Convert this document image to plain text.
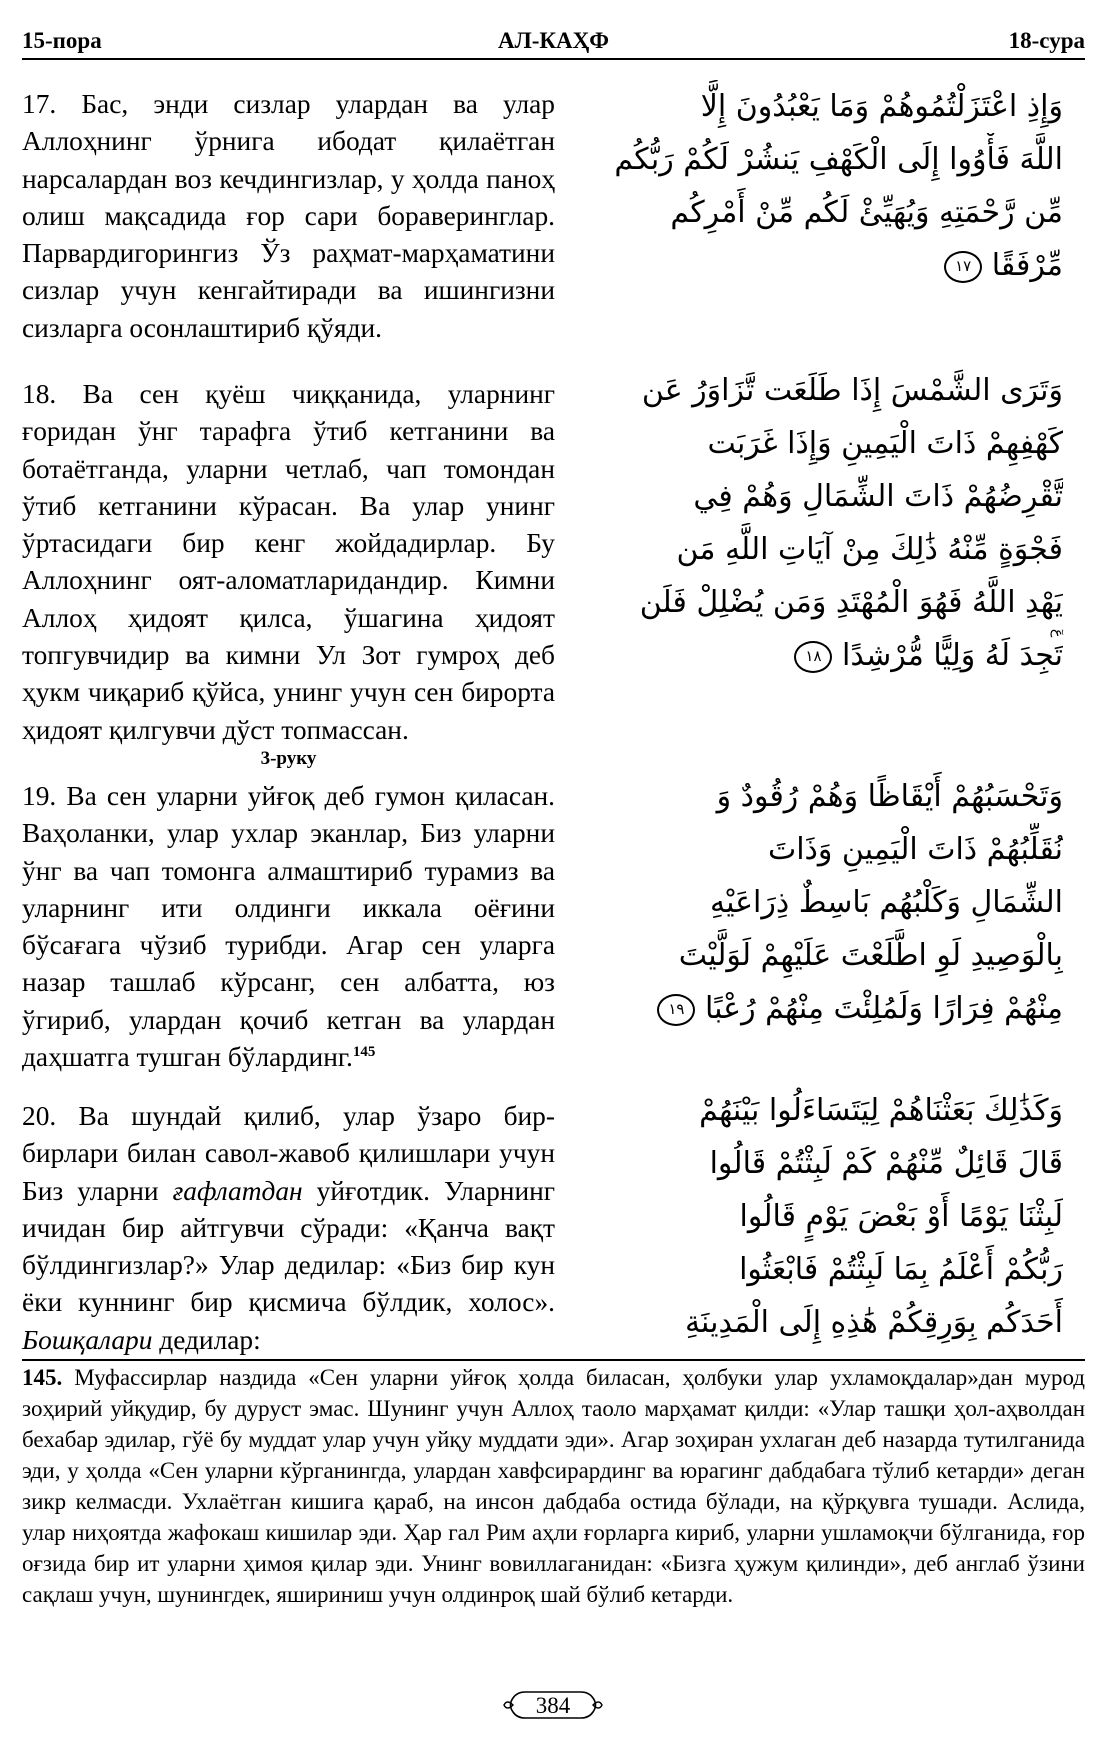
15-пора	АЛ-КАҲФ	18-сура

17. Бас, энди сизлар улардан ва улар Аллоҳнинг ўрнига ибодат қилаётган нарсалардан воз кечдингизлар, у ҳолда паноҳ олиш мақсадида ғор сари бораверинглар. Парвардигорингиз Ўз раҳмат-марҳаматини сизлар учун кенгайтиради ва ишингизни сизларга осонлаштириб қўяди.

وَإِذِ اعْتَزَلْتُمُوهُمْ وَمَا يَعْبُدُونَ إِلَّا

اللَّهَ فَأْوُوا إِلَى الْكَهْفِ يَنشُرْ لَكُمْ رَبُّكُم

مِّن رَّحْمَتِهِ وَيُهَيِّئْ لَكُم مِّنْ أَمْرِكُم

مِّرْفَقًا ١٧

18. Ва сен қуёш чиққанида, уларнинг ғоридан ўнг тарафга ўтиб кетганини ва ботаётганда, уларни четлаб, чап томондан ўтиб кетганини кўрасан. Ва улар унинг ўртасидаги бир кенг жойдадирлар. Бу Аллоҳнинг оят-аломатларидандир. Кимни Аллоҳ ҳидоят қилса, ўшагина ҳидоят топгувчидир ва кимни Ул Зот гумроҳ деб ҳукм чиқариб қўйса, унинг учун сен бирорта ҳидоят қилгувчи дўст топмассан.

وَتَرَى الشَّمْسَ إِذَا طَلَعَت تَّزَاوَرُ عَن

كَهْفِهِمْ ذَاتَ الْيَمِينِ وَإِذَا غَرَبَت

تَّقْرِضُهُمْ ذَاتَ الشِّمَالِ وَهُمْ فِي

فَجْوَةٍ مِّنْهُ ذَٰلِكَ مِنْ آيَاتِ اللَّهِ مَن

يَهْدِ اللَّهُ فَهُوَ الْمُهْتَدِ وَمَن يُضْلِلْ فَلَن

تَجِدَ لَهُ وَلِيًّا مُّرْشِدًا ١٨

عٓ
3-руку

19. Ва сен уларни уйғоқ деб гумон қиласан. Ваҳоланки, улар ухлар эканлар, Биз уларни ўнг ва чап томонга алмаштириб турамиз ва уларнинг ити олдинги иккала оёғини бўсағага чўзиб турибди. Агар сен уларга назар ташлаб кўрсанг, сен албатта, юз ўгириб, улардан қочиб кетган ва улардан даҳшатга тушган бўлардинг.$^{145}$

وَتَحْسَبُهُمْ أَيْقَاظًا وَهُمْ رُقُودٌ وَ

نُقَلِّبُهُمْ ذَاتَ الْيَمِينِ وَذَاتَ

الشِّمَالِ وَكَلْبُهُم بَاسِطٌ ذِرَاعَيْهِ

بِالْوَصِيدِ لَوِ اطَّلَعْتَ عَلَيْهِمْ لَوَلَّيْتَ

مِنْهُمْ فِرَارًا وَلَمُلِئْتَ مِنْهُمْ رُعْبًا ١٩

20. Ва шундай қилиб, улар ўзаро бир-бирлари билан савол-жавоб қилишлари учун Биз уларни ғафлатдан уйғотдик. Уларнинг ичидан бир айтгувчи сўради: «Қанча вақт бўлдингизлар?» Улар дедилар: «Биз бир кун ёки куннинг бир қисмича бўлдик, холос». Бошқалари дедилар:

وَكَذَٰلِكَ بَعَثْنَاهُمْ لِيَتَسَاءَلُوا بَيْنَهُمْ

قَالَ قَائِلٌ مِّنْهُمْ كَمْ لَبِثْتُمْ قَالُوا

لَبِثْنَا يَوْمًا أَوْ بَعْضَ يَوْمٍ قَالُوا

رَبُّكُمْ أَعْلَمُ بِمَا لَبِثْتُمْ فَابْعَثُوا

أَحَدَكُم بِوَرِقِكُمْ هَٰذِهِ إِلَى الْمَدِينَةِ

145. Муфассирлар наздида «Сен уларни уйғоқ ҳолда биласан, ҳолбуки улар ухламоқдалар»дан мурод зоҳирий уйқудир, бу дуруст эмас. Шунинг учун Аллоҳ таоло марҳамат қилди: «Улар ташқи ҳол-аҳволдан бехабар эдилар, гўё бу муддат улар учун уйқу муддати эди». Агар зоҳиран ухлаган деб назарда тутилганида эди, у ҳолда «Сен уларни кўрганингда, улардан хавфсирардинг ва юрагинг дабдабага тўлиб кетарди» деган зикр келмасди. Ухлаётган кишига қараб, на инсон дабдаба остида бўлади, на қўрқувга тушади. Аслида, улар ниҳоятда жафокаш кишилар эди. Ҳар гал Рим аҳли ғорларга кириб, уларни ушламоқчи бўлганида, ғор оғзида бир ит уларни ҳимоя қилар эди. Унинг вовиллаганидан: «Бизга ҳужум қилинди», деб англаб ўзини сақлаш учун, шунингдек, яшириниш учун олдинроқ шай бўлиб кетарди.

384
